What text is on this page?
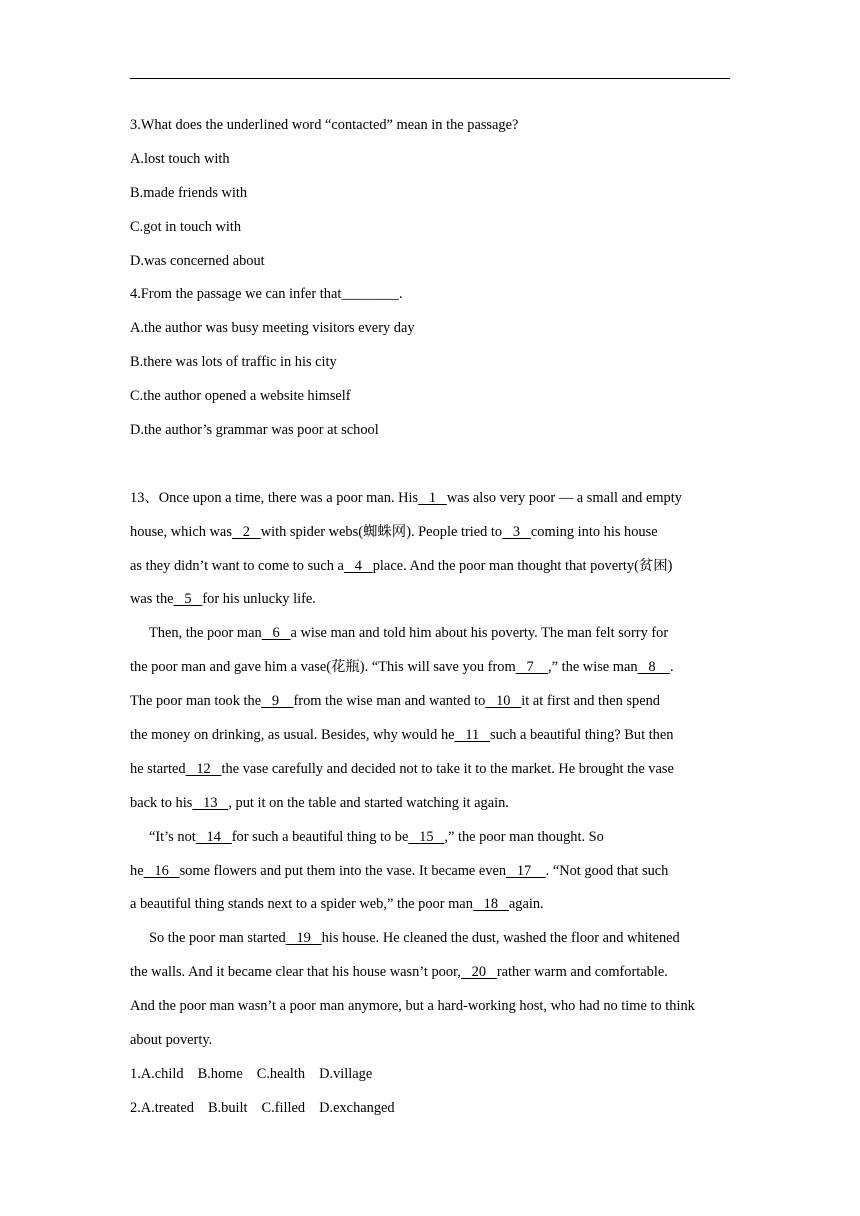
3.What does the underlined word “contacted” mean in the passage?
A.lost touch with
B.made friends with
C.got in touch with
D.was concerned about
4.From the passage we can infer that________.
A.the author was busy meeting visitors every day
B.there was lots of traffic in his city
C.the author opened a website himself
D.the author’s grammar was poor at school
13、Once upon a time, there was a poor man. His   1   was also very poor — a small and empty
house, which was   2   with spider webs(蜘蛛网). People tried to   3   coming into his house
as they didn’t want to come to such a   4   place. And the poor man thought that poverty(贫困)
was the   5   for his unlucky life.
Then, the poor man   6   a wise man and told him about his poverty. The man felt sorry for
the poor man and gave him a vase(花瓶). “This will save you from   7    ,” the wise man   8    .
The poor man took the   9    from the wise man and wanted to   10   it at first and then spend
the money on drinking, as usual. Besides, why would he   11   such a beautiful thing? But then
he started   12   the vase carefully and decided not to take it to the market. He brought the vase
back to his   13   , put it on the table and started watching it again.
“It’s not   14   for such a beautiful thing to be   15   ,” the poor man thought. So
he   16   some flowers and put them into the vase. It became even   17    . “Not good that such
a beautiful thing stands next to a spider web,” the poor man   18   again.
So the poor man started   19   his house. He cleaned the dust, washed the floor and whitened
the walls. And it became clear that his house wasn’t poor,   20   rather warm and comfortable.
And the poor man wasn’t a poor man anymore, but a hard-working host, who had no time to think
about poverty.
1.A.child B.home C.health D.village
2.A.treated B.built C.filled D.exchanged
